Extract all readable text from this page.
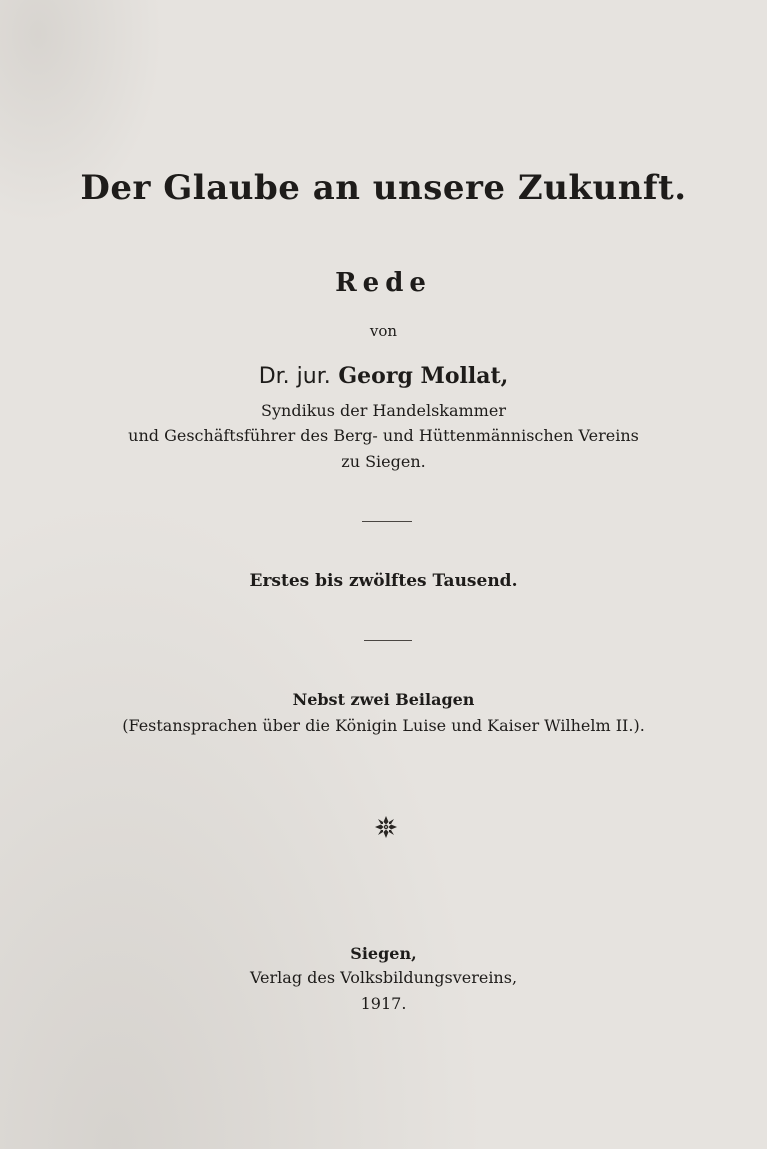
Der Glaube an unsere Zukunft.
Rede
von
Dr. jur. Georg Mollat,
Syndikus der Handelskammer
und Geschäftsführer des Berg- und Hüttenmännischen Vereins
zu Siegen.
Erstes bis zwölftes Tausend.
Nebst zwei Beilagen
(Festansprachen über die Königin Luise und Kaiser Wilhelm II.).
Siegen,
Verlag des Volksbildungsvereins,
1917.
